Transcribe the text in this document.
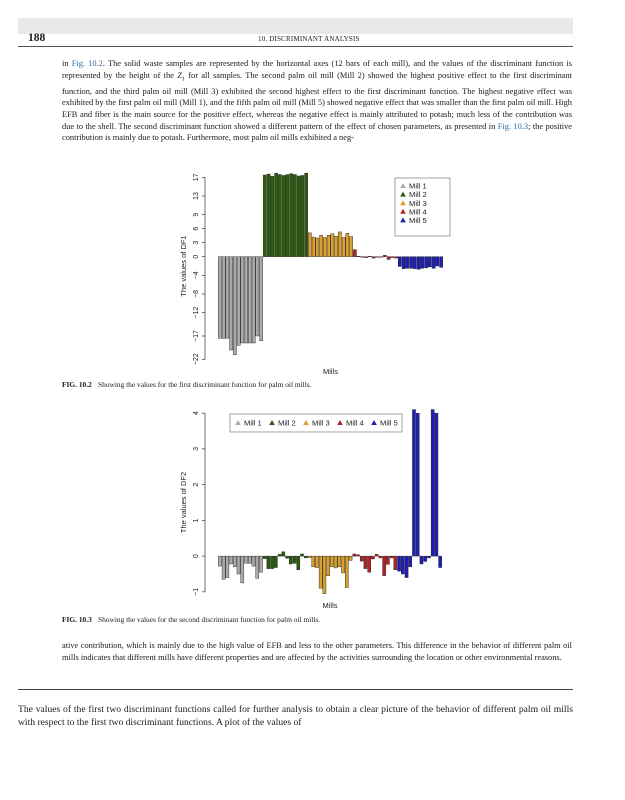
188	10. DISCRIMINANT ANALYSIS

in Fig. 10.2. The solid waste samples are represented by the horizontal axes (12 bars of each mill), and the values of the discriminant function is represented by the height of the $Z_1$ for all samples. The second palm oil mill (Mill 2) showed the highest positive effect to the first discriminant function, and the third palm oil mill (Mill 3) exhibited the second highest effect to the first discriminant function. The highest negative effect was exhibited by the first palm oil mill (Mill 1), and the fifth palm oil mill (Mill 5) showed negative effect that was smaller than the first palm oil mill. High EFB and fiber is the main source for the positive effect, whereas the negative effect is mainly attributed to potash; much less of the contribution was due to the shell. The second discriminant function showed a different pattern of the effect of chosen parameters, as presented in Fig. 10.3; the positive contribution is mainly due to potash. Furthermore, most palm oil mills exhibited a neg-

−22
−17
−12
−8
−4
0
3
6
9
13
17
The values of DF1
Mills
Mill 1
Mill 2
Mill 3
Mill 4
Mill 5
FIG. 10.2 Showing the values for the first discriminant function for palm oil mills.
−1
0
1
2
3
4
The values of DF2
Mills
Mill 1 Mill 2 Mill 3 Mill 4 Mill 5
FIG. 10.3 Showing the values for the second discriminant function for palm oil mills.

ative contribution, which is mainly due to the high value of EFB and less to the other parameters. This difference in the behavior of different palm oil mills indicates that different mills have different properties and are affected by the activities surrounding the location or other environmental reasons.

The values of the first two discriminant functions called for further analysis to obtain a clear picture of the behavior of different palm oil mills with respect to the first two discriminant functions. A plot of the values of
